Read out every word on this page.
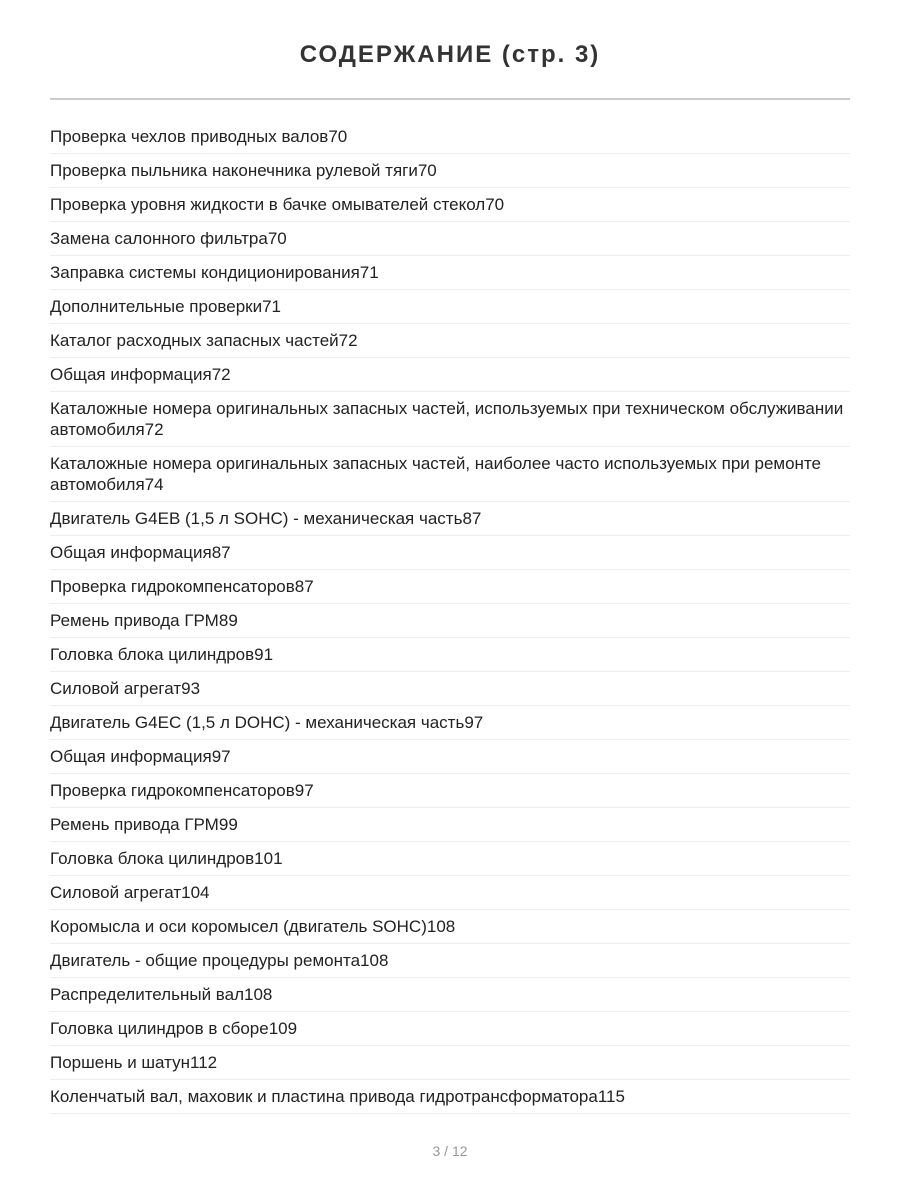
СОДЕРЖАНИЕ (стр. 3)
Проверка чехлов приводных валов70
Проверка пыльника наконечника рулевой тяги70
Проверка уровня жидкости в бачке омывателей стекол70
Замена салонного фильтра70
Заправка системы кондиционирования71
Дополнительные проверки71
Каталог расходных запасных частей72
Общая информация72
Каталожные номера оригинальных запасных частей, используемых при техническом обслуживании автомобиля72
Каталожные номера оригинальных запасных частей, наиболее часто используемых при ремонте автомобиля74
Двигатель G4EB (1,5 л SOHC) - механическая часть87
Общая информация87
Проверка гидрокомпенсаторов87
Ремень привода ГРМ89
Головка блока цилиндров91
Силовой агрегат93
Двигатель G4EC (1,5 л DOHC) - механическая часть97
Общая информация97
Проверка гидрокомпенсаторов97
Ремень привода ГРМ99
Головка блока цилиндров101
Силовой агрегат104
Коромысла и оси коромысел (двигатель SOHC)108
Двигатель - общие процедуры ремонта108
Распределительный вал108
Головка цилиндров в сборе109
Поршень и шатун112
Коленчатый вал, маховик и пластина привода гидротрансформатора115
3 / 12
